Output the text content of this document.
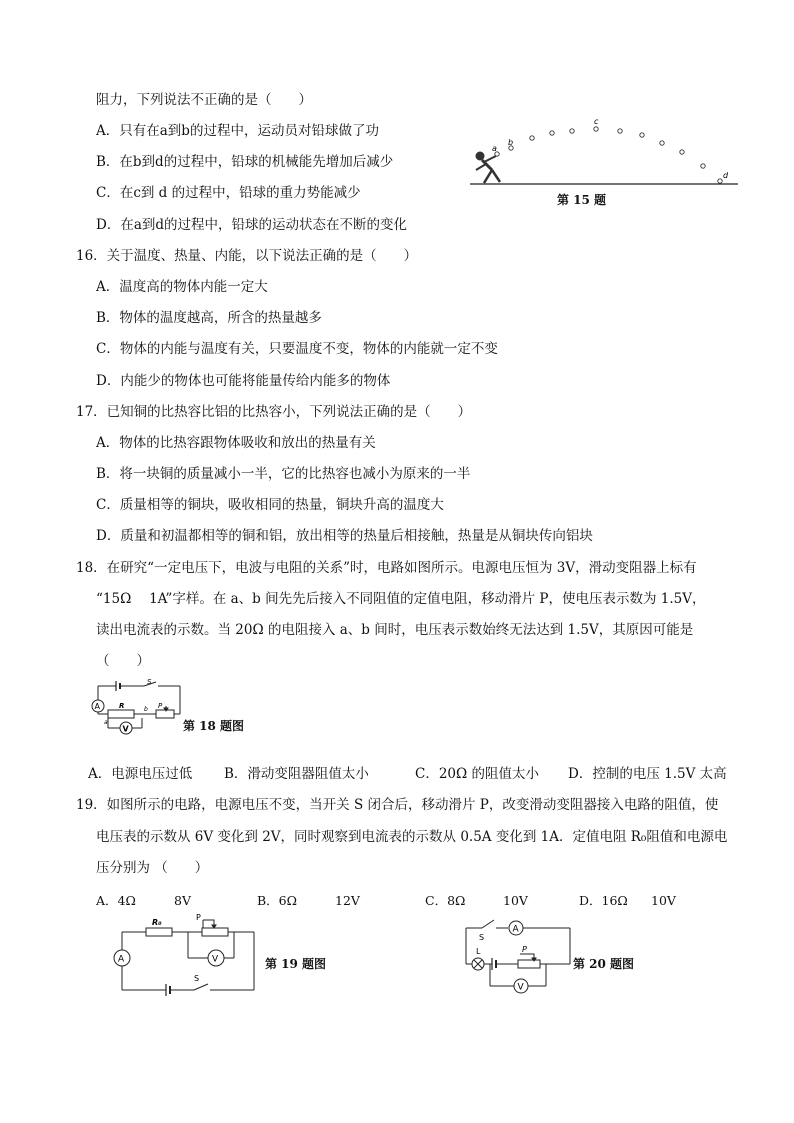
阻力，下列说法不正确的是（　　）
A．只有在a到b的过程中，运动员对铅球做了功
B．在b到d的过程中，铅球的机械能先增加后减少
C．在c到 d 的过程中，铅球的重力势能减少
D．在a到d的过程中，铅球的运动状态在不断的变化
a
b
c
d
第 15 题
16．关于温度、热量、内能，以下说法正确的是（　　）
A．温度高的物体内能一定大
B．物体的温度越高，所含的热量越多
C．物体的内能与温度有关，只要温度不变，物体的内能就一定不变
D．内能少的物体也可能将能量传给内能多的物体
17．已知铜的比热容比铝的比热容小，下列说法正确的是（　　）
A．物体的比热容跟物体吸收和放出的热量有关
B．将一块铜的质量减小一半，它的比热容也减小为原来的一半
C．质量相等的铜块，吸收相同的热量，铜块升高的温度大
D．质量和初温都相等的铜和铝，放出相等的热量后相接触，热量是从铜块传向铝块
18．在研究“一定电压下，电波与电阻的关系”时，电路如图所示。电源电压恒为 3V，滑动变阻器上标有
“15Ω　 1A”字样。在 a、b 间先先后接入不同阻值的定值电阻，移动滑片 P，使电压表示数为 1.5V，
读出电流表的示数。当 20Ω 的电阻接入 a、b 间时，电压表示数始终无法达到 1.5V，其原因可能是
（　　）
A
V
S
R
a
b P
第 18 题图
A．电源电压过低 B．滑动变阻器阻值太小	C．20Ω 的阻值太小 D．控制的电压 1.5V 太高
19．如图所示的电路，电源电压不变，当开关 S 闭合后，移动滑片 P，改变滑动变阻器接入电路的阻值，使
电压表的示数从 6V 变化到 2V，同时观察到电流表的示数从 0.5A 变化到 1A．定值电阻 R₀阻值和电源电
压分别为 （　　）
A．4Ω	8V	B．6Ω	12V	C．8Ω	10V	D．16Ω 10V
A	V
R₀
P
S
第 19 题图
A
V
S
L	P
第 20 题图
